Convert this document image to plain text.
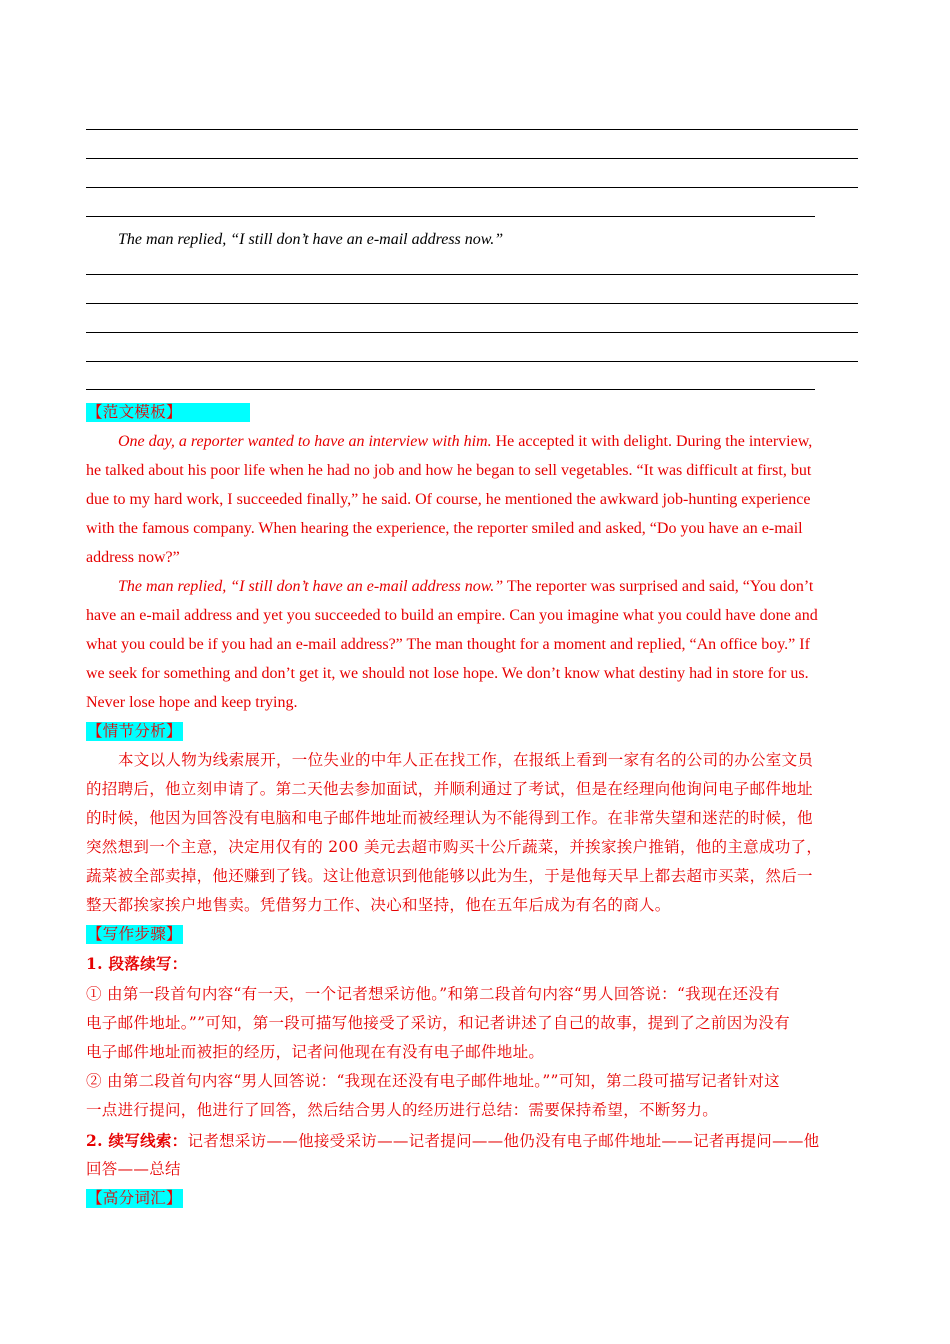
The man replied, “I still don’t have an e-mail address now.”
【范文模板】
One day, a reporter wanted to have an interview with him. He accepted it with delight. During the interview,
he talked about his poor life when he had no job and how he began to sell vegetables. “It was difficult at first, but
due to my hard work, I succeeded finally,” he said. Of course, he mentioned the awkward job-hunting experience
with the famous company. When hearing the experience, the reporter smiled and asked, “Do you have an e-mail
address now?”
The man replied, “I still don’t have an e-mail address now.” The reporter was surprised and said, “You don’t
have an e-mail address and yet you succeeded to build an empire. Can you imagine what you could have done and
what you could be if you had an e-mail address?” The man thought for a moment and replied, “An office boy.” If
we seek for something and don’t get it, we should not lose hope. We don’t know what destiny had in store for us.
Never lose hope and keep trying.
【情节分析】
本文以人物为线索展开，一位失业的中年人正在找工作，在报纸上看到一家有名的公司的办公室文员
的招聘后，他立刻申请了。第二天他去参加面试，并顺利通过了考试，但是在经理向他询问电子邮件地址
的时候，他因为回答没有电脑和电子邮件地址而被经理认为不能得到工作。在非常失望和迷茫的时候，他
突然想到一个主意，决定用仅有的 200 美元去超市购买十公斤蔬菜，并挨家挨户推销，他的主意成功了，
蔬菜被全部卖掉，他还赚到了钱。这让他意识到他能够以此为生，于是他每天早上都去超市买菜，然后一
整天都挨家挨户地售卖。凭借努力工作、决心和坚持，他在五年后成为有名的商人。
【写作步骤】
1. 段落续写：
① 由第一段首句内容“有一天，一个记者想采访他。”和第二段首句内容“男人回答说：“我现在还没有
电子邮件地址。””可知，第一段可描写他接受了采访，和记者讲述了自己的故事，提到了之前因为没有
电子邮件地址而被拒的经历，记者问他现在有没有电子邮件地址。
② 由第二段首句内容“男人回答说：“我现在还没有电子邮件地址。””可知，第二段可描写记者针对这
一点进行提问，他进行了回答，然后结合男人的经历进行总结：需要保持希望，不断努力。
2. 续写线索：记者想采访——他接受采访——记者提问——他仍没有电子邮件地址——记者再提问——他
回答——总结
【高分词汇】
